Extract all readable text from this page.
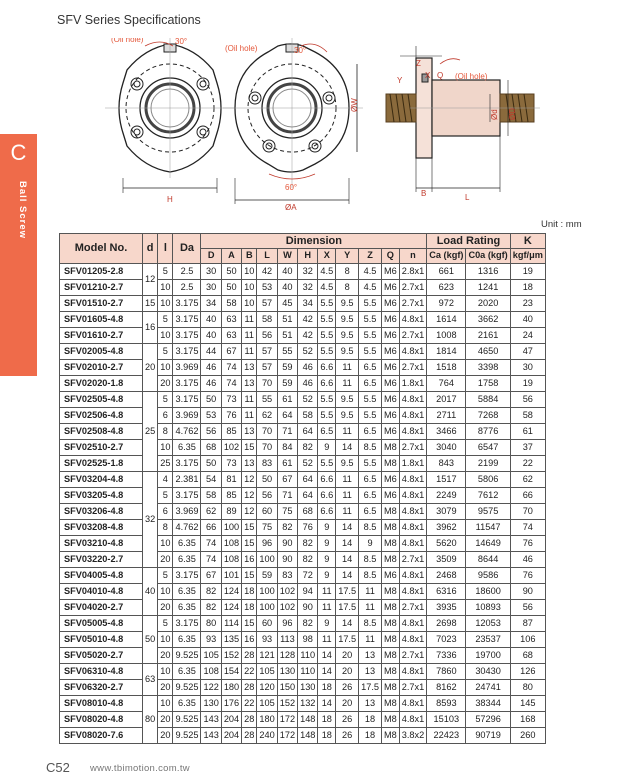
SFV Series Specifications
C
Ball Screw
(Oil hole)	30°
H
(Oil hole)	30°
60°
ØA
ØW
(Oil hole)
Z
Y
X Q
B	L
Ød ØD
Unit : mm
Model No.	d	l	Da	Dimension											Load Rating		K
				D	A	B	L	W	H	X	Y	Z	Q	n	Ca (kgf)	C0a (kgf)	kgf/μm
SFV01205-2.8	12	5	2.5	30	50	10	42	40	32	4.5	8	4.5	M6	2.8x1	661	1316	19
SFV01210-2.7		10	2.5	30	50	10	53	40	32	4.5	8	4.5	M6	2.7x1	623	1241	18
SFV01510-2.7	15	10	3.175	34	58	10	57	45	34	5.5	9.5	5.5	M6	2.7x1	972	2020	23
SFV01605-4.8	16	5	3.175	40	63	11	58	51	42	5.5	9.5	5.5	M6	4.8x1	1614	3662	40
SFV01610-2.7		10	3.175	40	63	11	56	51	42	5.5	9.5	5.5	M6	2.7x1	1008	2161	24
SFV02005-4.8	20	5	3.175	44	67	11	57	55	52	5.5	9.5	5.5	M6	4.8x1	1814	4650	47
SFV02010-2.7		10	3.969	46	74	13	57	59	46	6.6	11	6.5	M6	2.7x1	1518	3398	30
SFV02020-1.8		20	3.175	46	74	13	70	59	46	6.6	11	6.5	M6	1.8x1	764	1758	19
SFV02505-4.8	25	5	3.175	50	73	11	55	61	52	5.5	9.5	5.5	M6	4.8x1	2017	5884	56
SFV02506-4.8		6	3.969	53	76	11	62	64	58	5.5	9.5	5.5	M6	4.8x1	2711	7268	58
SFV02508-4.8		8	4.762	56	85	13	70	71	64	6.5	11	6.5	M6	4.8x1	3466	8776	61
SFV02510-2.7		10	6.35	68	102	15	70	84	82	9	14	8.5	M8	2.7x1	3040	6547	37
SFV02525-1.8		25	3.175	50	73	13	83	61	52	5.5	9.5	5.5	M8	1.8x1	843	2199	22
SFV03204-4.8	32	4	2.381	54	81	12	50	67	64	6.6	11	6.5	M6	4.8x1	1517	5806	62
SFV03205-4.8		5	3.175	58	85	12	56	71	64	6.6	11	6.5	M6	4.8x1	2249	7612	66
SFV03206-4.8		6	3.969	62	89	12	60	75	68	6.6	11	6.5	M8	4.8x1	3079	9575	70
SFV03208-4.8		8	4.762	66	100	15	75	82	76	9	14	8.5	M8	4.8x1	3962	11547	74
SFV03210-4.8		10	6.35	74	108	15	96	90	82	9	14	9	M8	4.8x1	5620	14649	76
SFV03220-2.7		20	6.35	74	108	16	100	90	82	9	14	8.5	M8	2.7x1	3509	8644	46
SFV04005-4.8	40	5	3.175	67	101	15	59	83	72	9	14	8.5	M6	4.8x1	2468	9586	76
SFV04010-4.8		10	6.35	82	124	18	100	102	94	11	17.5	11	M8	4.8x1	6316	18600	90
SFV04020-2.7		20	6.35	82	124	18	100	102	90	11	17.5	11	M8	2.7x1	3935	10893	56
SFV05005-4.8	50	5	3.175	80	114	15	60	96	82	9	14	8.5	M8	4.8x1	2698	12053	87
SFV05010-4.8		10	6.35	93	135	16	93	113	98	11	17.5	11	M8	4.8x1	7023	23537	106
SFV05020-2.7		20	9.525	105	152	28	121	128	110	14	20	13	M8	2.7x1	7336	19700	68
SFV06310-4.8	63	10	6.35	108	154	22	105	130	110	14	20	13	M8	4.8x1	7860	30430	126
SFV06320-2.7		20	9.525	122	180	28	120	150	130	18	26	17.5	M8	2.7x1	8162	24741	80
SFV08010-4.8	80	10	6.35	130	176	22	105	152	132	14	20	13	M8	4.8x1	8593	38344	145
SFV08020-4.8		20	9.525	143	204	28	180	172	148	18	26	18	M8	4.8x1	15103	57296	168
SFV08020-7.6		20	9.525	143	204	28	240	172	148	18	26	18	M8	3.8x2	22423	90719	260
C52 www.tbimotion.com.tw
